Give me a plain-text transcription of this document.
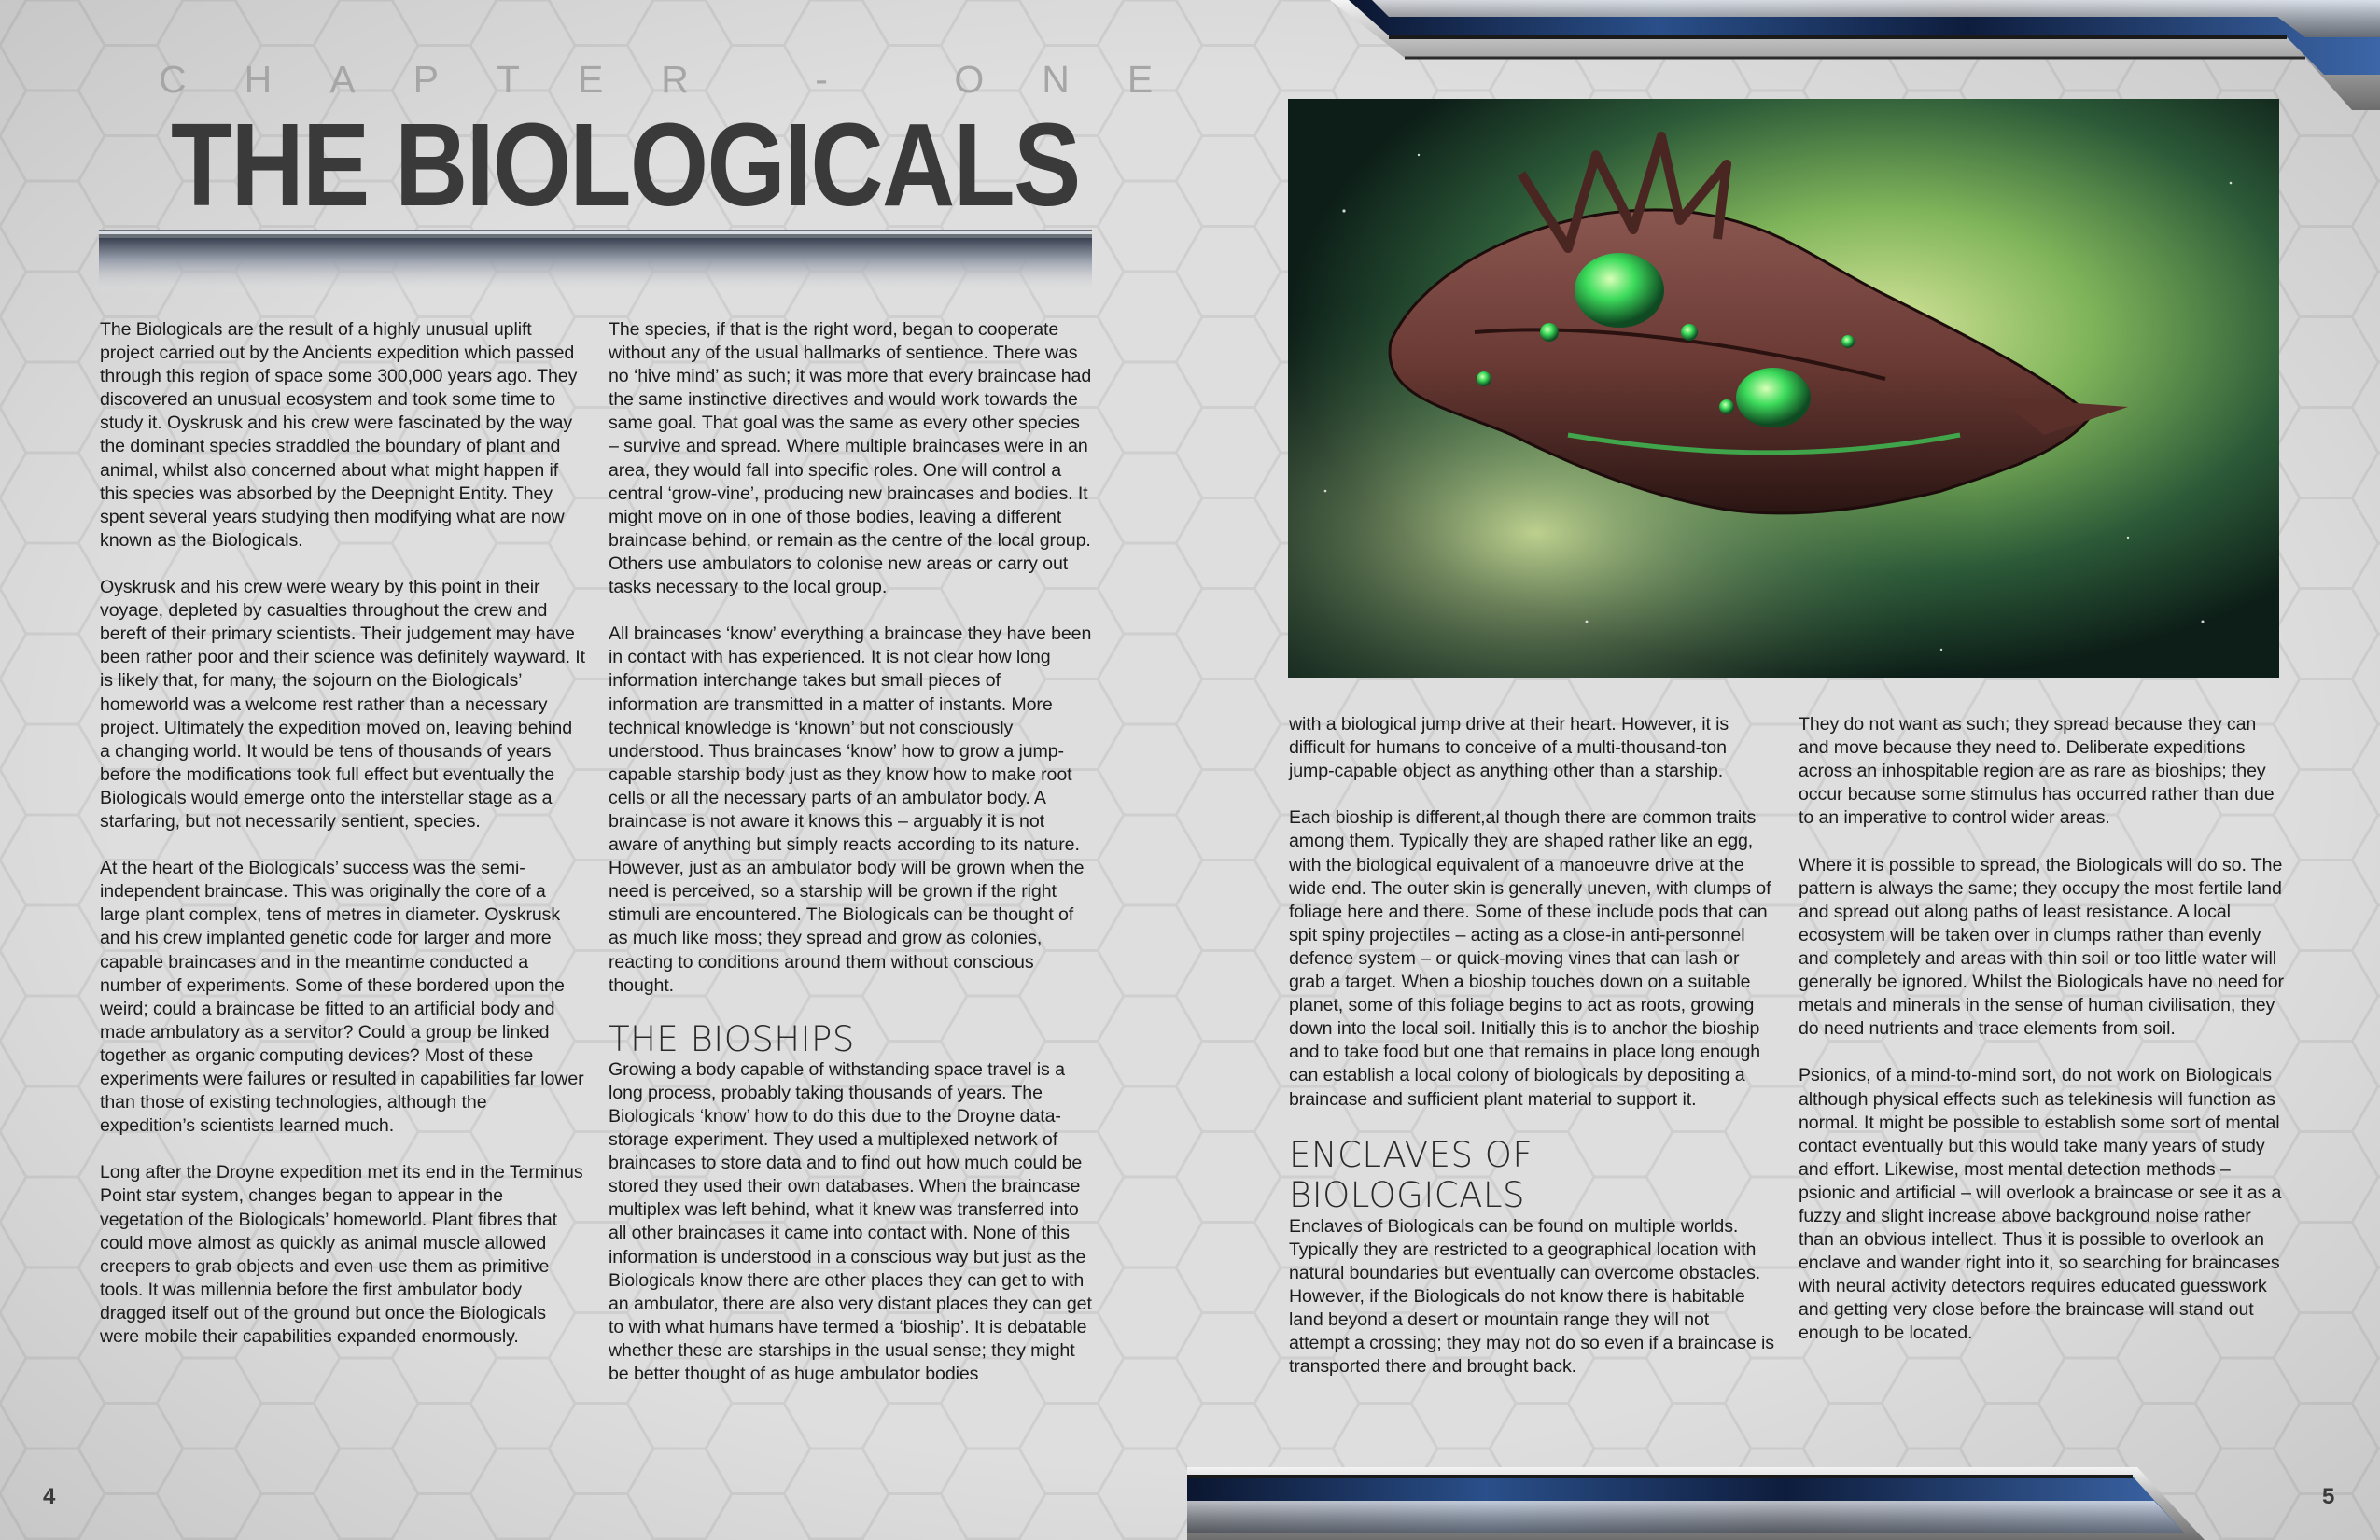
CHAPTER - ONE
THE BIOLOGICALS

The Biologicals are the result of a highly unusual uplift project carried out by the Ancients expedition which passed through this region of space some 300,000 years ago. They discovered an unusual ecosystem and took some time to study it. Oyskrusk and his crew were fascinated by the way the dominant species straddled the boundary of plant and animal, whilst also concerned about what might happen if this species was absorbed by the Deepnight Entity. They spent several years studying then modifying what are now known as the Biologicals.

Oyskrusk and his crew were weary by this point in their voyage, depleted by casualties throughout the crew and bereft of their primary scientists. Their judgement may have been rather poor and their science was definitely wayward. It is likely that, for many, the sojourn on the Biologicals’ homeworld was a welcome rest rather than a necessary project. Ultimately the expedition moved on, leaving behind a changing world. It would be tens of thousands of years before the modifications took full effect but eventually the Biologicals would emerge onto the interstellar stage as a starfaring, but not necessarily sentient, species.

At the heart of the Biologicals’ success was the semi-independent braincase. This was originally the core of a large plant complex, tens of metres in diameter. Oyskrusk and his crew implanted genetic code for larger and more capable braincases and in the meantime conducted a number of experiments. Some of these bordered upon the weird; could a braincase be fitted to an artificial body and made ambulatory as a servitor? Could a group be linked together as organic computing devices? Most of these experiments were failures or resulted in capabilities far lower than those of existing technologies, although the expedition’s scientists learned much.

Long after the Droyne expedition met its end in the Terminus Point star system, changes began to appear in the vegetation of the Biologicals’ homeworld. Plant fibres that could move almost as quickly as animal muscle allowed creepers to grab objects and even use them as primitive tools. It was millennia before the first ambulator body dragged itself out of the ground but once the Biologicals were mobile their capabilities expanded enormously.

The species, if that is the right word, began to cooperate without any of the usual hallmarks of sentience. There was no ‘hive mind’ as such; it was more that every braincase had the same instinctive directives and would work towards the same goal. That goal was the same as every other species – survive and spread. Where multiple braincases were in an area, they would fall into specific roles. One will control a central ‘grow-vine’, producing new braincases and bodies. It might move on in one of those bodies, leaving a different braincase behind, or remain as the centre of the local group. Others use ambulators to colonise new areas or carry out tasks necessary to the local group.

All braincases ‘know’ everything a braincase they have been in contact with has experienced. It is not clear how long information interchange takes but small pieces of information are transmitted in a matter of instants. More technical knowledge is ‘known’ but not consciously understood. Thus braincases ‘know’ how to grow a jump-capable starship body just as they know how to make root cells or all the necessary parts of an ambulator body. A braincase is not aware it knows this – arguably it is not aware of anything but simply reacts according to its nature. However, just as an ambulator body will be grown when the need is perceived, so a starship will be grown if the right stimuli are encountered. The Biologicals can be thought of as much like moss; they spread and grow as colonies, reacting to conditions around them without conscious thought.

THE BIOSHIPS

Growing a body capable of withstanding space travel is a long process, probably taking thousands of years. The Biologicals ‘know’ how to do this due to the Droyne data-storage experiment. They used a multiplexed network of braincases to store data and to find out how much could be stored they used their own databases. When the braincase multiplex was left behind, what it knew was transferred into all other braincases it came into contact with. None of this information is understood in a conscious way but just as the Biologicals know there are other places they can get to with an ambulator, there are also very distant places they can get to with what humans have termed a ‘bioship’. It is debatable whether these are starships in the usual sense; they might be better thought of as huge ambulator bodies

with a biological jump drive at their heart. However, it is difficult for humans to conceive of a multi-thousand-ton jump-capable object as anything other than a starship.

Each bioship is different,al though there are common traits among them. Typically they are shaped rather like an egg, with the biological equivalent of a manoeuvre drive at the wide end. The outer skin is generally uneven, with clumps of foliage here and there. Some of these include pods that can spit spiny projectiles – acting as a close-in anti-personnel defence system – or quick-moving vines that can lash or grab a target. When a bioship touches down on a suitable planet, some of this foliage begins to act as roots, growing down into the local soil. Initially this is to anchor the bioship and to take food but one that remains in place long enough can establish a local colony of biologicals by depositing a braincase and sufficient plant material to support it.

ENCLAVES OF BIOLOGICALS

Enclaves of Biologicals can be found on multiple worlds. Typically they are restricted to a geographical location with natural boundaries but eventually can overcome obstacles. However, if the Biologicals do not know there is habitable land beyond a desert or mountain range they will not attempt a crossing; they may not do so even if a braincase is transported there and brought back.

They do not want as such; they spread because they can and move because they need to. Deliberate expeditions across an inhospitable region are as rare as bioships; they occur because some stimulus has occurred rather than due to an imperative to control wider areas.

Where it is possible to spread, the Biologicals will do so. The pattern is always the same; they occupy the most fertile land and spread out along paths of least resistance. A local ecosystem will be taken over in clumps rather than evenly and completely and areas with thin soil or too little water will generally be ignored. Whilst the Biologicals have no need for metals and minerals in the sense of human civilisation, they do need nutrients and trace elements from soil.

Psionics, of a mind-to-mind sort, do not work on Biologicals although physical effects such as telekinesis will function as normal. It might be possible to establish some sort of mental contact eventually but this would take many years of study and effort. Likewise, most mental detection methods – psionic and artificial – will overlook a braincase or see it as a fuzzy and slight increase above background noise rather than an obvious intellect. Thus it is possible to overlook an enclave and wander right into it, so searching for braincases with neural activity detectors requires educated guesswork and getting very close before the braincase will stand out enough to be located.

4	5
